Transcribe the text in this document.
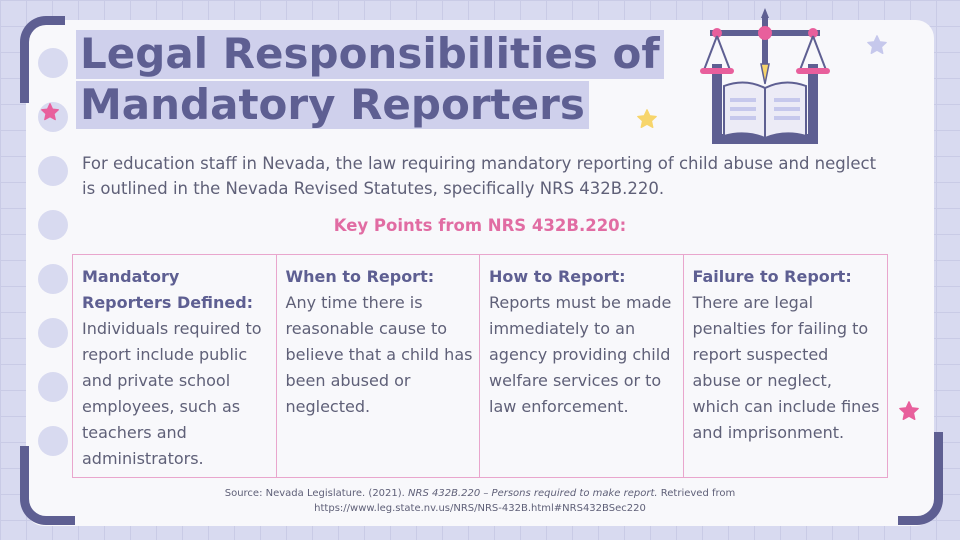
Legal Responsibilities of
Mandatory Reporters

For education staff in Nevada, the law requiring mandatory reporting of child abuse and neglect is outlined in the Nevada Revised Statutes, specifically NRS 432B.220.

Key Points from NRS 432B.220:

Mandatory Reporters Defined:
Individuals required to report include public and private school employees, such as teachers and administrators.
When to Report:
Any time there is reasonable cause to believe that a child has been abused or neglected.
How to Report:
Reports must be made immediately to an agency providing child welfare services or to law enforcement.
Failure to Report:
There are legal penalties for failing to report suspected abuse or neglect, which can include fines and imprisonment.

Source: Nevada Legislature. (2021). NRS 432B.220 – Persons required to make report. Retrieved from
https://www.leg.state.nv.us/NRS/NRS-432B.html#NRS432BSec220
